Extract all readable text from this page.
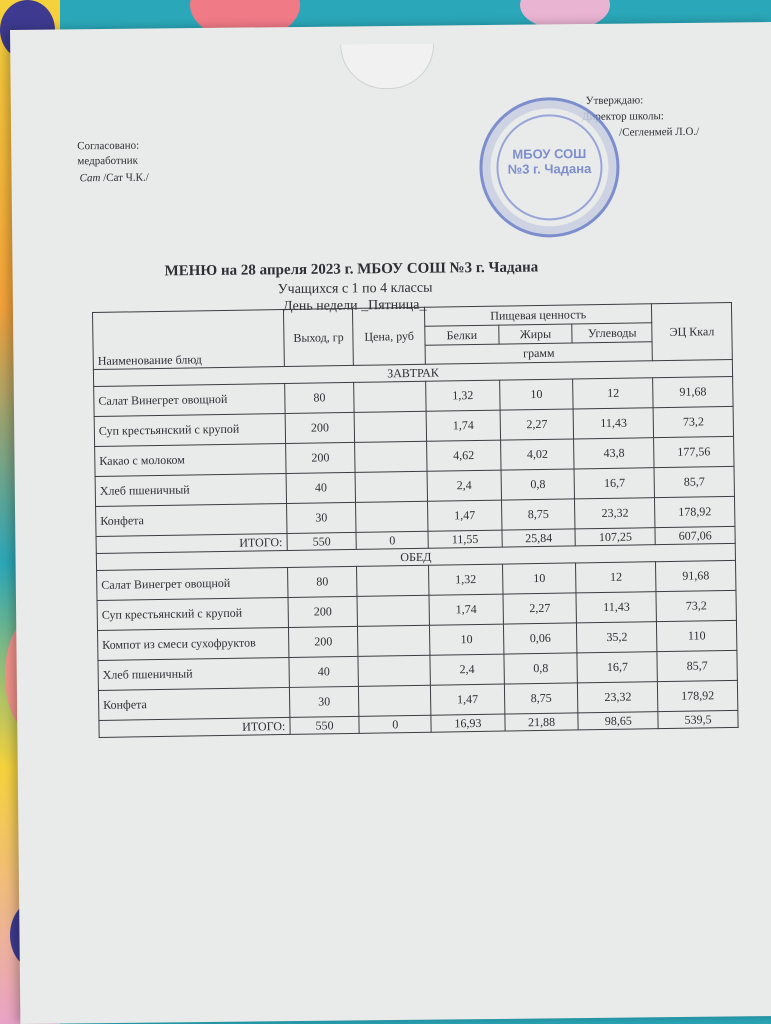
Согласовано:
медработник
Сат /Сат Ч.К./
Утверждаю:
Директор школы:
/Сегленмей Л.О./
МБОУ СОШ №3 г. Чадана
МЕНЮ на 28 апреля 2023 г. МБОУ СОШ №3 г. Чадана
Учащихся с 1 по 4 классы
День недели _Пятница_
Наименование блюд	Выход, гр	Цена, руб	Пищевая ценность			ЭЦ Ккал
			Белки	Жиры	Углеводы	
			грамм			
ЗАВТРАК						
Салат Винегрет овощной	80		1,32	10	12	91,68
Суп крестьянский с крупой	200		1,74	2,27	11,43	73,2
Какао с молоком	200		4,62	4,02	43,8	177,56
Хлеб пшеничный	40		2,4	0,8	16,7	85,7
Конфета	30		1,47	8,75	23,32	178,92
ИТОГО:	550	0	11,55	25,84	107,25	607,06
ОБЕД						
Салат Винегрет овощной	80		1,32	10	12	91,68
Суп крестьянский с крупой	200		1,74	2,27	11,43	73,2
Компот из смеси сухофруктов	200		10	0,06	35,2	110
Хлеб пшеничный	40		2,4	0,8	16,7	85,7
Конфета	30		1,47	8,75	23,32	178,92
ИТОГО:	550	0	16,93	21,88	98,65	539,5
